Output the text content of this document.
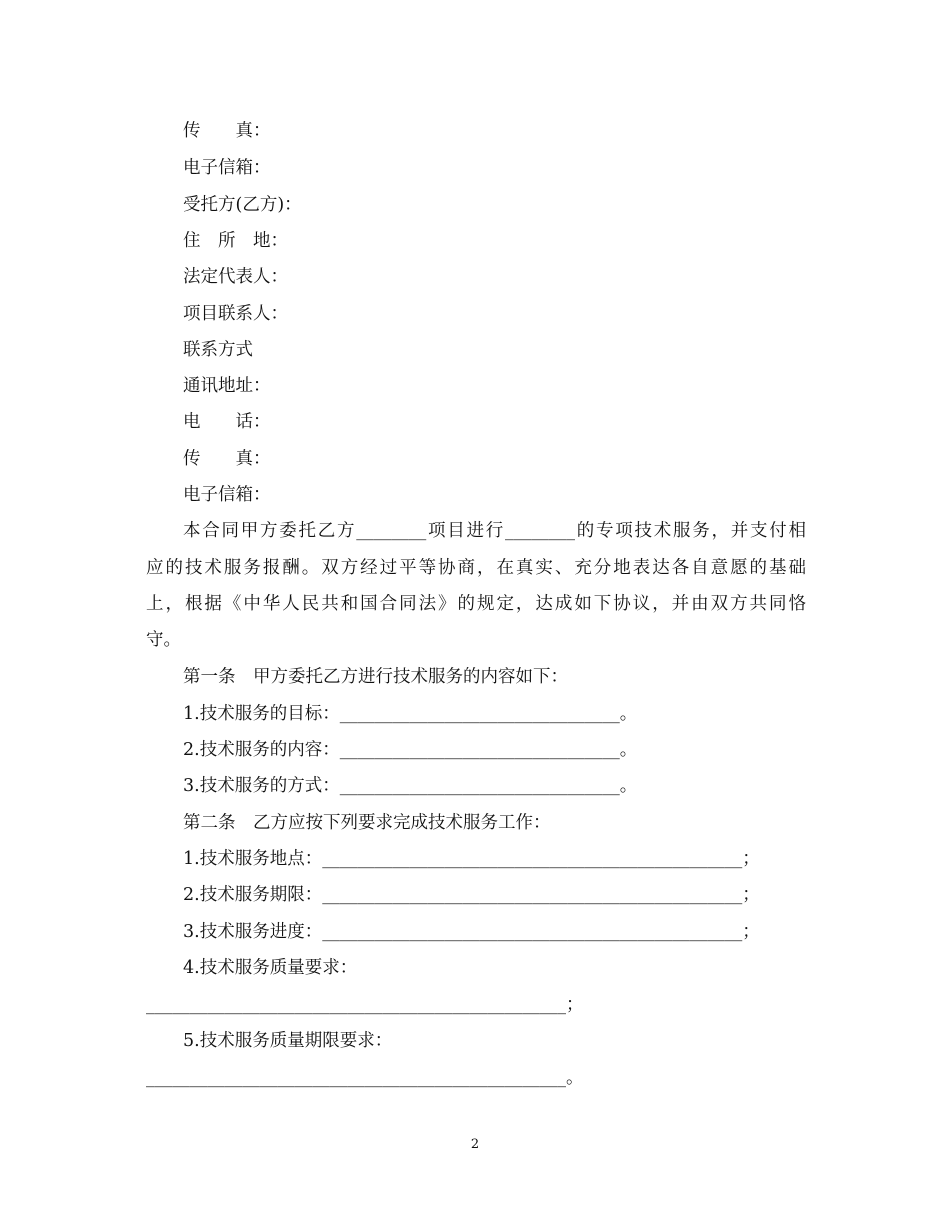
传　　真：
电子信箱：
受托方(乙方)：
住　所　地：
法定代表人：
项目联系人：
联系方式
通讯地址：
电　　话：
传　　真：
电子信箱：
本合同甲方委托乙方________项目进行________的专项技术服务，并支付相
应的技术服务报酬。双方经过平等协商，在真实、充分地表达各自意愿的基础
上，根据《中华人民共和国合同法》的规定，达成如下协议，并由双方共同恪
守。
第一条　甲方委托乙方进行技术服务的内容如下：
1.技术服务的目标：________________________________。
2.技术服务的内容：________________________________。
3.技术服务的方式：________________________________。
第二条　乙方应按下列要求完成技术服务工作：
1.技术服务地点：________________________________________________；
2.技术服务期限：________________________________________________；
3.技术服务进度：________________________________________________；
4.技术服务质量要求：
________________________________________________；
5.技术服务质量期限要求：
________________________________________________。
2
